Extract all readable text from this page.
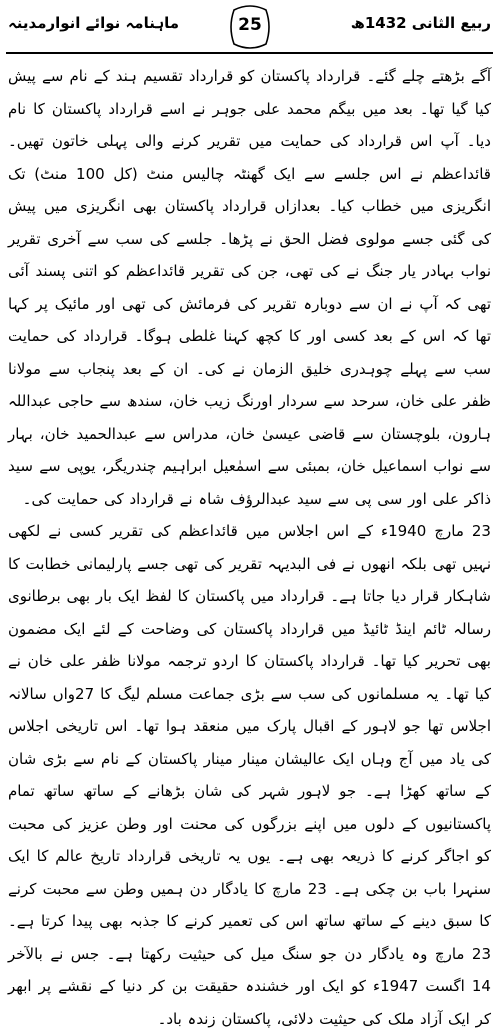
ماہنامہ نوائے انوارمدینہ	25	ربیع الثانی 1432ھ

آگے بڑھتے چلے گئے۔ قرارداد پاکستان کو قرارداد تقسیم ہند کے نام سے پیش کیا گیا تھا۔ بعد میں بیگم محمد علی جوہر نے اسے قرارداد پاکستان کا نام دیا۔ آپ اس قرارداد کی حمایت میں تقریر کرنے والی پہلی خاتون تھیں۔ قائداعظم نے اس جلسے سے ایک گھنٹہ چالیس منٹ (کل 100 منٹ) تک انگریزی میں خطاب کیا۔ بعدازاں قرارداد پاکستان بھی انگریزی میں پیش کی گئی جسے مولوی فضل الحق نے پڑھا۔ جلسے کی سب سے آخری تقریر نواب بہادر یار جنگ نے کی تھی، جن کی تقریر قائداعظم کو اتنی پسند آئی تھی کہ آپ نے ان سے دوبارہ تقریر کی فرمائش کی تھی اور مائیک پر کہا تھا کہ اس کے بعد کسی اور کا کچھ کہنا غلطی ہوگا۔ قرارداد کی حمایت سب سے پہلے چوہدری خلیق الزمان نے کی۔ ان کے بعد پنجاب سے مولانا ظفر علی خان، سرحد سے سردار اورنگ زیب خان، سندھ سے حاجی عبداللہ ہارون، بلوچستان سے قاضی عیسیٰ خان، مدراس سے عبدالحمید خان، بہار سے نواب اسماعیل خان، بمبئی سے اسمٰعیل ابراہیم چندریگر، یوپی سے سید ذاکر علی اور سی پی سے سید عبدالرؤف شاہ نے قرارداد کی حمایت کی۔

23 مارچ 1940ء کے اس اجلاس میں قائداعظم کی تقریر کسی نے لکھی نہیں تھی بلکہ انھوں نے فی البدیہہ تقریر کی تھی جسے پارلیمانی خطابت کا شاہکار قرار دیا جاتا ہے۔ قرارداد میں پاکستان کا لفظ ایک بار بھی برطانوی رسالہ ٹائم اینڈ ٹائیڈ میں قرارداد پاکستان کی وضاحت کے لئے ایک مضمون بھی تحریر کیا تھا۔ قرارداد پاکستان کا اردو ترجمہ مولانا ظفر علی خان نے کیا تھا۔ یہ مسلمانوں کی سب سے بڑی جماعت مسلم لیگ کا 27واں سالانہ اجلاس تھا جو لاہور کے اقبال پارک میں منعقد ہوا تھا۔ اس تاریخی اجلاس کی یاد میں آج وہاں ایک عالیشان مینار مینار پاکستان کے نام سے بڑی شان کے ساتھ کھڑا ہے۔ جو لاہور شہر کی شان بڑھانے کے ساتھ ساتھ تمام پاکستانیوں کے دلوں میں اپنے بزرگوں کی محنت اور وطن عزیز کی محبت کو اجاگر کرنے کا ذریعہ بھی ہے۔ یوں یہ تاریخی قرارداد تاریخ عالم کا ایک سنہرا باب بن چکی ہے۔ 23 مارچ کا یادگار دن ہمیں وطن سے محبت کرنے کا سبق دینے کے ساتھ ساتھ اس کی تعمیر کرنے کا جذبہ بھی پیدا کرتا ہے۔ 23 مارچ وہ یادگار دن جو سنگ میل کی حیثیت رکھتا ہے۔ جس نے بالآخر 14 اگست 1947ء کو ایک اور خشندہ حقیقت بن کر دنیا کے نقشے پر ابھر کر ایک آزاد ملک کی حیثیت دلائی، پاکستان زندہ باد۔
